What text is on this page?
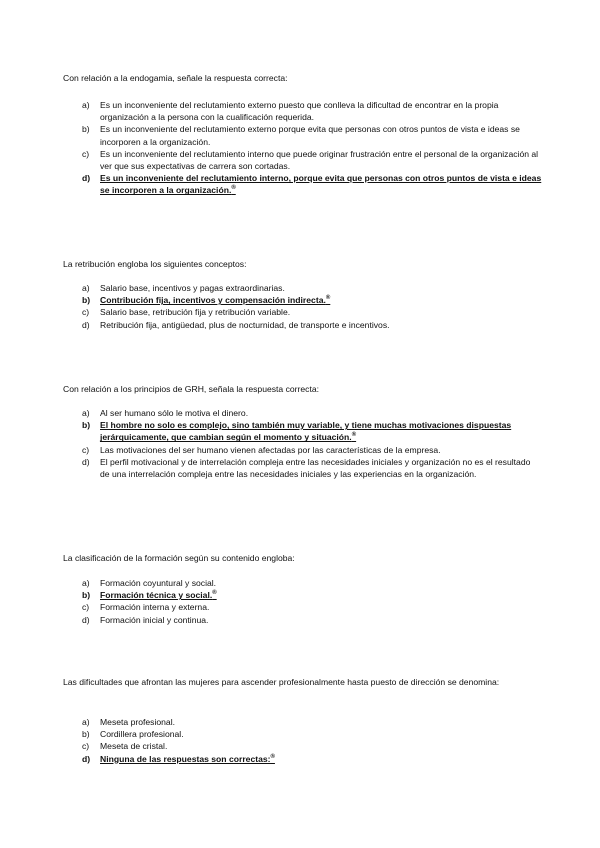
Con relación a la endogamia, señale la respuesta correcta:
a)	Es un inconveniente del reclutamiento externo puesto que conlleva la dificultad de encontrar en la propia organización a la persona con la cualificación requerida.
b)	Es un inconveniente del reclutamiento externo porque evita que personas con otros puntos de vista e ideas se incorporen a la organización.
c)	Es un inconveniente del reclutamiento interno que puede originar frustración entre el personal de la organización al ver que sus expectativas de carrera son cortadas.
d)	Es un inconveniente del reclutamiento interno, porque evita que personas con otros puntos de vista e ideas se incorporen a la organización.®
La retribución engloba los siguientes conceptos:
a)	Salario base, incentivos y pagas extraordinarias.
b)	Contribución fija, incentivos y compensación indirecta.®
c)	Salario base, retribución fija y retribución variable.
d)	Retribución fija, antigüedad, plus de nocturnidad, de transporte e incentivos.
Con relación a los principios de GRH, señala la respuesta correcta:
a)	Al ser humano sólo le motiva el dinero.
b)	El hombre no solo es complejo, sino también muy variable, y tiene muchas motivaciones dispuestas jerárquicamente, que cambian según el momento y situación.®
c)	Las motivaciones del ser humano vienen afectadas por las características de la empresa.
d)	El perfil motivacional y de interrelación compleja entre las necesidades iniciales y organización no es el resultado de una interrelación compleja entre las necesidades iniciales y las experiencias en la organización.
La clasificación de la formación según su contenido engloba:
a)	Formación coyuntural y social.
b)	Formación técnica y social.®
c)	Formación interna y externa.
d)	Formación inicial y continua.
Las dificultades que afrontan las mujeres para ascender profesionalmente hasta puesto de dirección se denomina:
a)	Meseta profesional.
b)	Cordillera profesional.
c)	Meseta de cristal.
d)	Ninguna de las respuestas son correctas:®
